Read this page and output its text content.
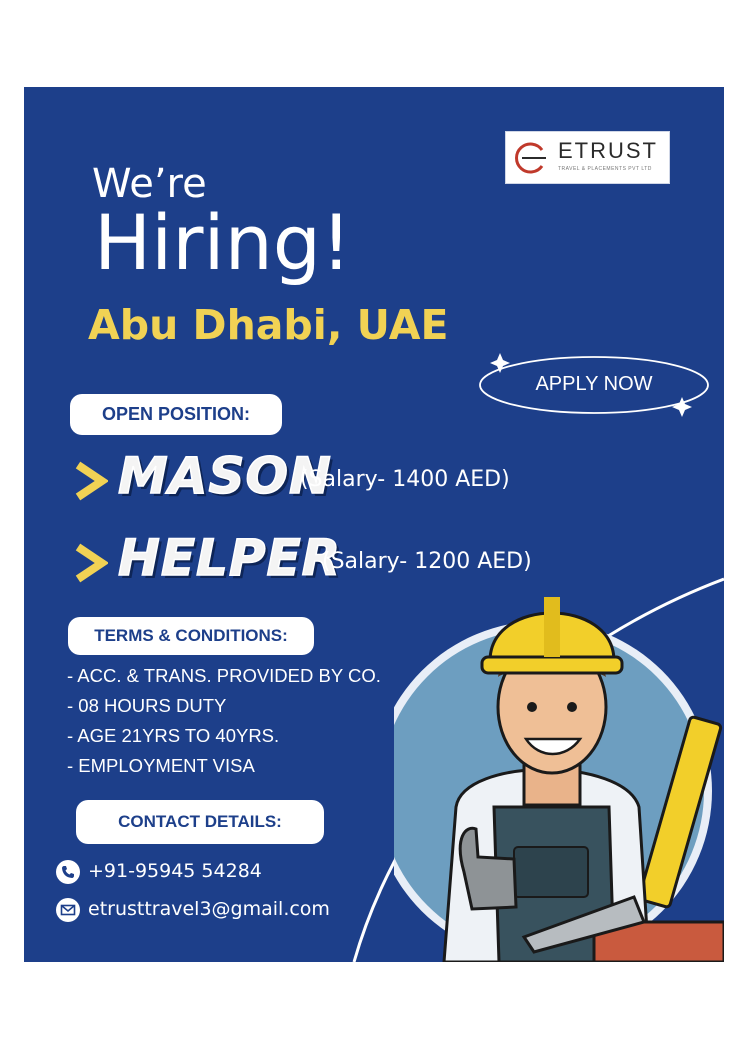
ETRUST
TRAVEL & PLACEMENTS PVT LTD
We’re
Hiring!
Abu Dhabi, UAE
APPLY NOW
OPEN POSITION:
MASON
(Salary- 1400 AED)
HELPER
(Salary- 1200 AED)
TERMS & CONDITIONS:
- ACC. & TRANS. PROVIDED BY CO.
- 08 HOURS DUTY
- AGE 21YRS TO 40YRS.
- EMPLOYMENT VISA
CONTACT DETAILS:
+91-95945 54284
etrusttravel3@gmail.com
